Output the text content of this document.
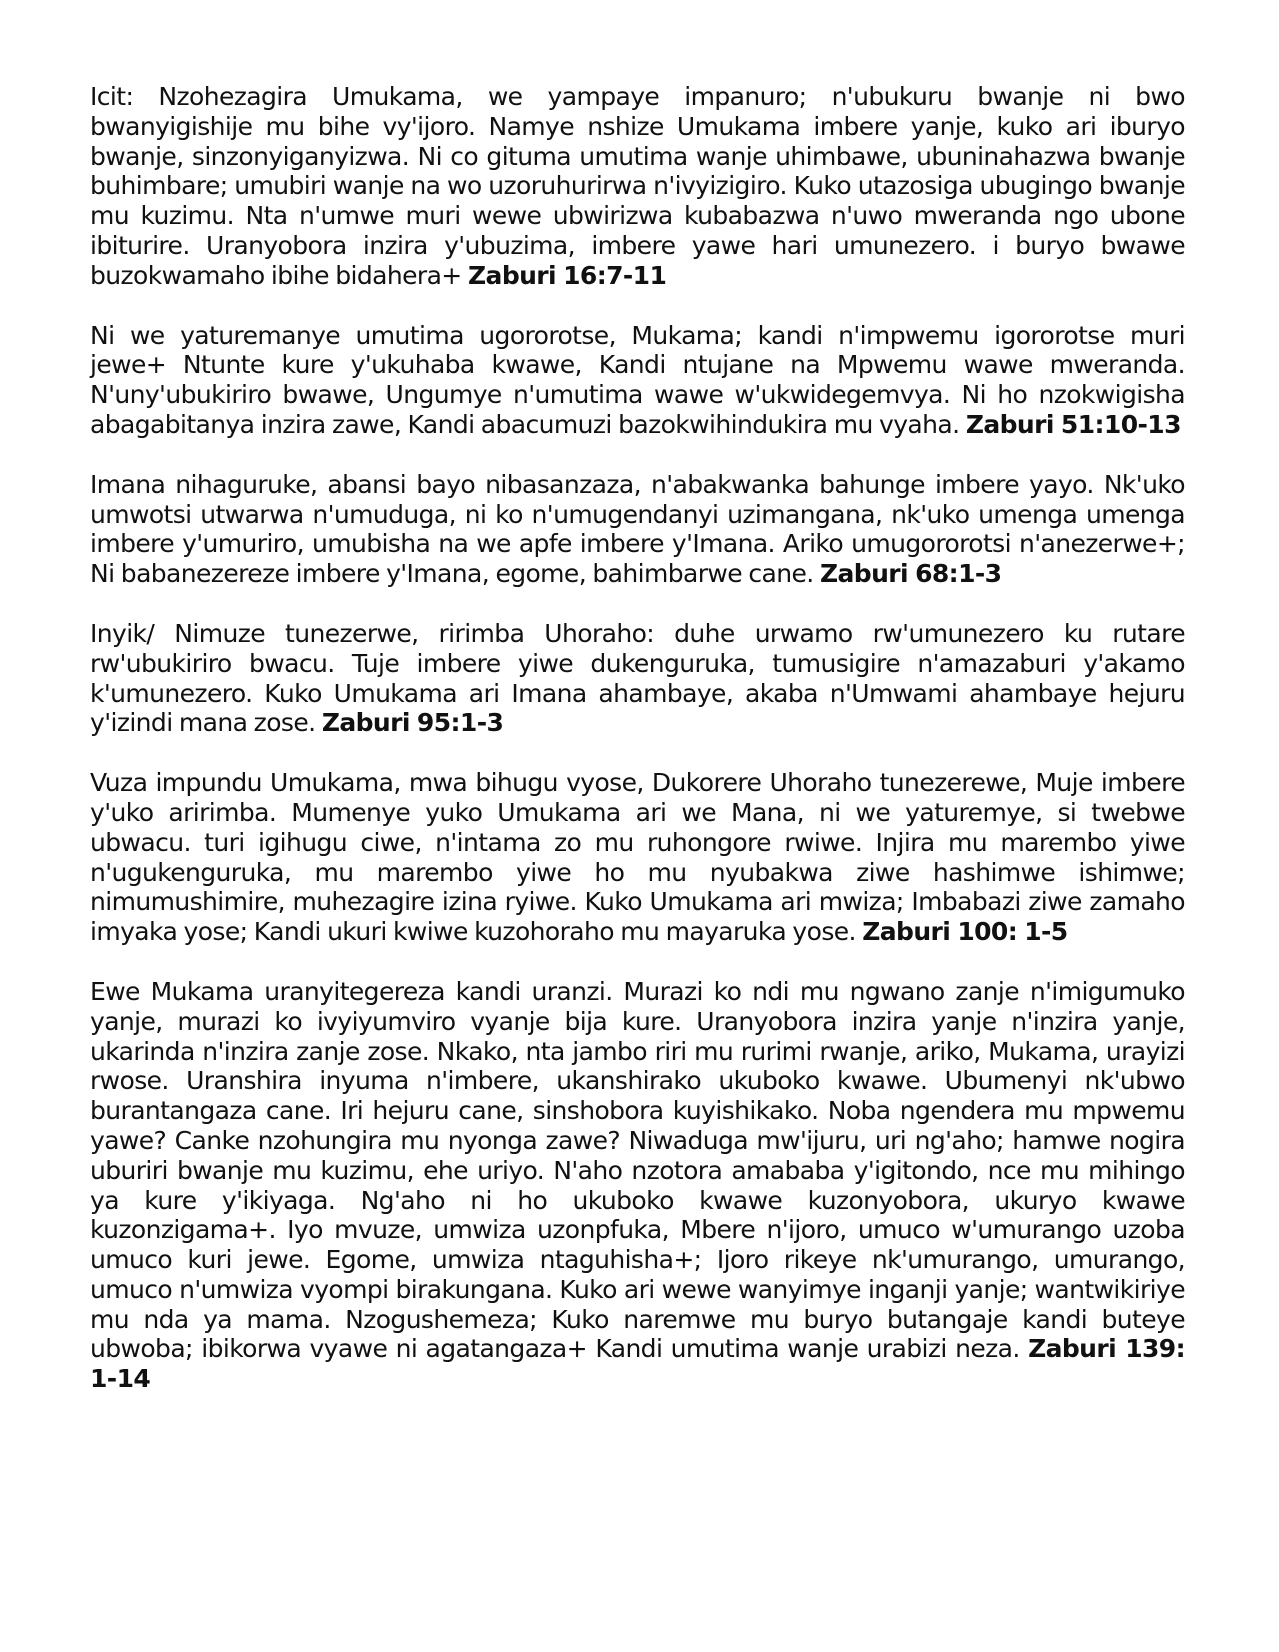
Icit: Nzohezagira Umukama, we yampaye impanuro; n'ubukuru bwanje ni bwo bwanyigishije mu bihe vy'ijoro. Namye nshize Umukama imbere yanje, kuko ari iburyo bwanje, sinzonyiganyizwa. Ni co gituma umutima wanje uhimbawe, ubuninahazwa bwanje buhimbare; umubiri wanje na wo uzoruhurirwa n'ivyizigiro. Kuko utazosiga ubugingo bwanje mu kuzimu. Nta n'umwe muri wewe ubwirizwa kubabazwa n'uwo mweranda ngo ubone ibiturire. Uranyobora inzira y'ubuzima, imbere yawe hari umunezero. i buryo bwawe buzokwamaho ibihe bidahera+ Zaburi 16:7-11

Ni we yaturemanye umutima ugororotse, Mukama; kandi n'impwemu igororotse muri jewe+ Ntunte kure y'ukuhaba kwawe, Kandi ntujane na Mpwemu wawe mweranda. N'uny'ubukiriro bwawe, Ungumye n'umutima wawe w'ukwidegemvya. Ni ho nzokwigisha abagabitanya inzira zawe, Kandi abacumuzi bazokwihindukira mu vyaha. Zaburi 51:10-13

Imana nihaguruke, abansi bayo nibasanzaza, n'abakwanka bahunge imbere yayo. Nk'uko umwotsi utwarwa n'umuduga, ni ko n'umugendanyi uzimangana, nk'uko umenga umenga imbere y'umuriro, umubisha na we apfe imbere y'Imana. Ariko umugororotsi n'anezerwe+; Ni babanezereze imbere y'Imana, egome, bahimbarwe cane. Zaburi 68:1-3

Inyik/ Nimuze tunezerwe, ririmba Uhoraho: duhe urwamo rw'umunezero ku rutare rw'ubukiriro bwacu. Tuje imbere yiwe dukenguruka, tumusigire n'amazaburi y'akamo k'umunezero. Kuko Umukama ari Imana ahambaye, akaba n'Umwami ahambaye hejuru y'izindi mana zose. Zaburi 95:1-3

Vuza impundu Umukama, mwa bihugu vyose, Dukorere Uhoraho tunezerewe, Muje imbere y'uko aririmba. Mumenye yuko Umukama ari we Mana, ni we yaturemye, si twebwe ubwacu. turi igihugu ciwe, n'intama zo mu ruhongore rwiwe. Injira mu marembo yiwe n'ugukenguruka, mu marembo yiwe ho mu nyubakwa ziwe hashimwe ishimwe; nimumushimire, muhezagire izina ryiwe. Kuko Umukama ari mwiza; Imbabazi ziwe zamaho imyaka yose; Kandi ukuri kwiwe kuzohoraho mu mayaruka yose. Zaburi 100: 1-5

Ewe Mukama uranyitegereza kandi uranzi. Murazi ko ndi mu ngwano zanje n'imigumuko yanje, murazi ko ivyiyumviro vyanje bija kure. Uranyobora inzira yanje n'inzira yanje, ukarinda n'inzira zanje zose. Nkako, nta jambo riri mu rurimi rwanje, ariko, Mukama, urayizi rwose. Uranshira inyuma n'imbere, ukanshirako ukuboko kwawe. Ubumenyi nk'ubwo burantangaza cane. Iri hejuru cane, sinshobora kuyishikako. Noba ngendera mu mpwemu yawe? Canke nzohungira mu nyonga zawe? Niwaduga mw'ijuru, uri ng'aho; hamwe nogira uburiri bwanje mu kuzimu, ehe uriyo. N'aho nzotora amababa y'igitondo, nce mu mihingo ya kure y'ikiyaga. Ng'aho ni ho ukuboko kwawe kuzonyobora, ukuryo kwawe kuzonzigama+. Iyo mvuze, umwiza uzonpfuka, Mbere n'ijoro, umuco w'umurango uzoba umuco kuri jewe. Egome, umwiza ntaguhisha+; Ijoro rikeye nk'umurango, umurango, umuco n'umwiza vyompi birakungana. Kuko ari wewe wanyimye inganji yanje; wantwikiriye mu nda ya mama. Nzogushemeza; Kuko naremwe mu buryo butangaje kandi buteye ubwoba; ibikorwa vyawe ni agatangaza+ Kandi umutima wanje urabizi neza. Zaburi 139: 1-14
